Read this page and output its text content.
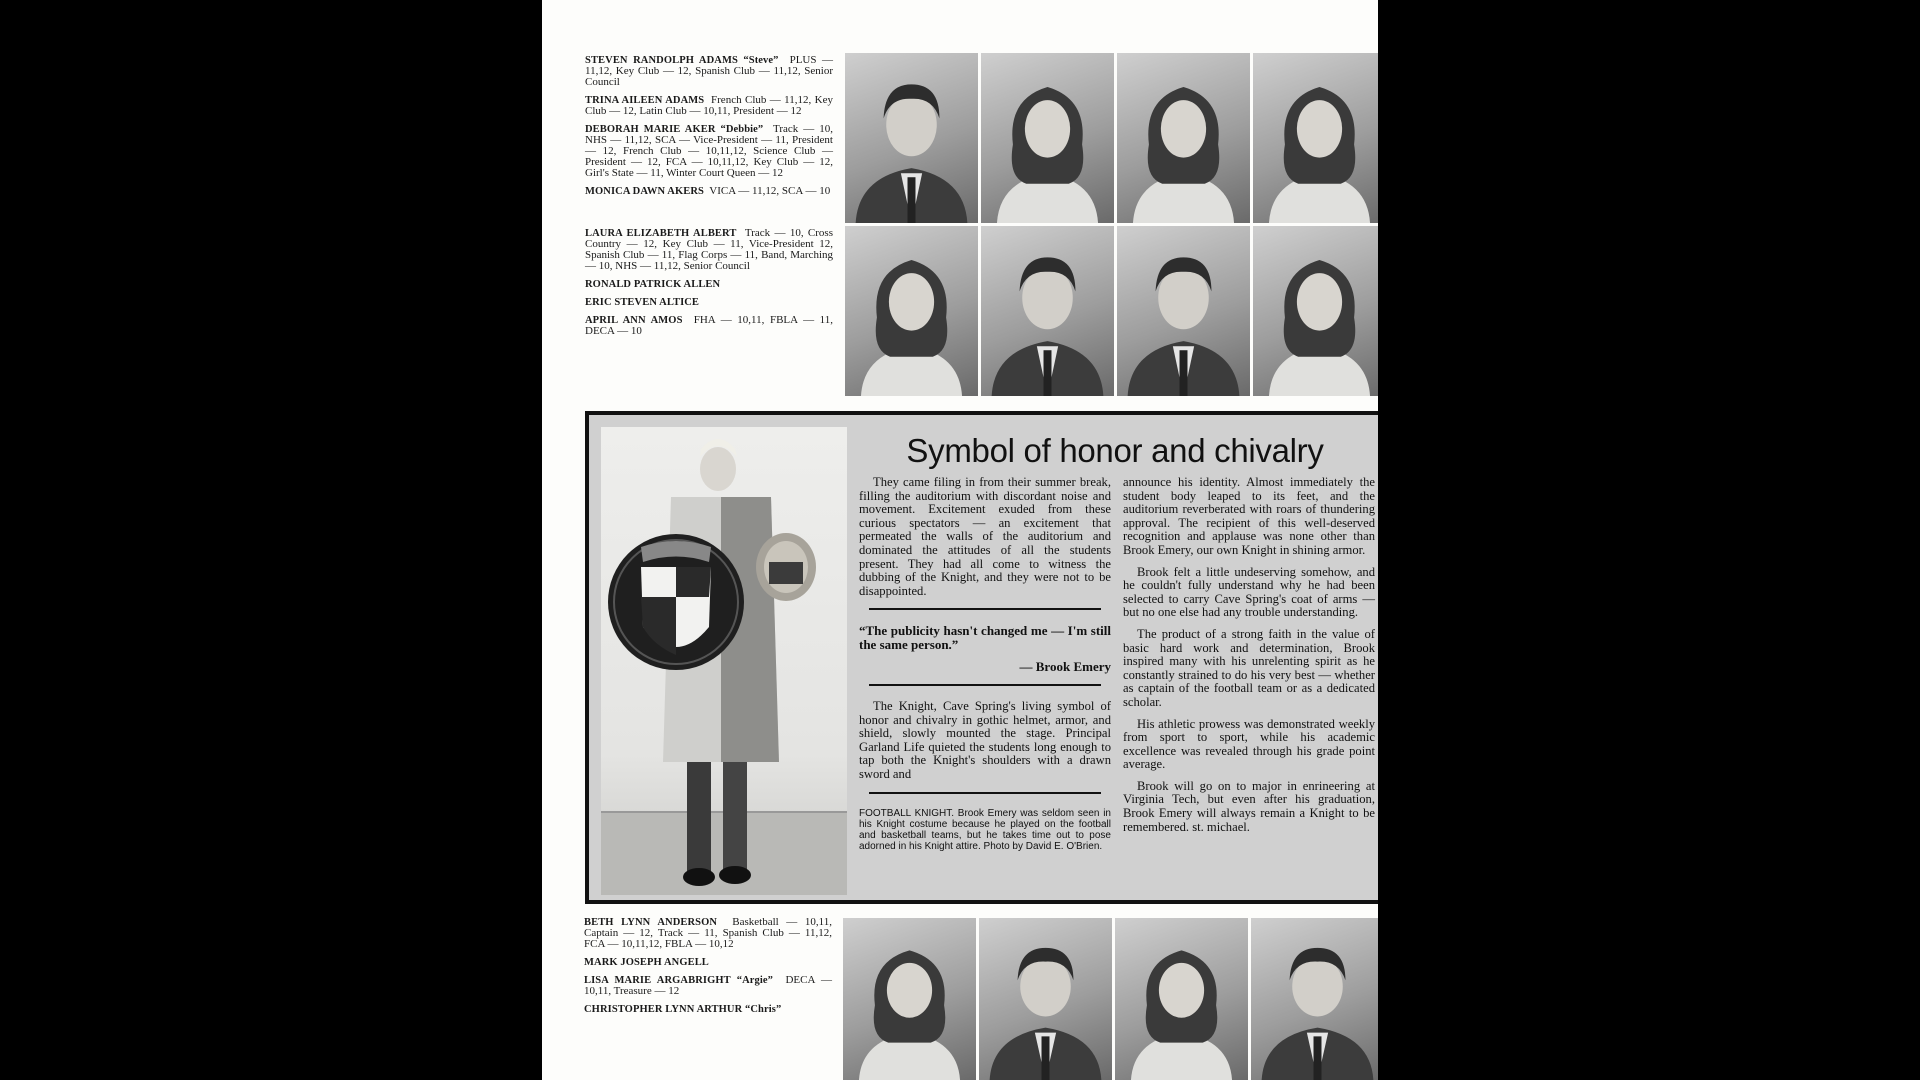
STEVEN RANDOLPH ADAMS “Steve” PLUS — 11,12, Key Club — 12, Spanish Club — 11,12, Senior Council
TRINA AILEEN ADAMS French Club — 11,12, Key Club — 12, Latin Club — 10,11, President — 12
DEBORAH MARIE AKER “Debbie” Track — 10, NHS — 11,12, SCA — Vice-President — 11, President — 12, French Club — 10,11,12, Science Club — President — 12, FCA — 10,11,12, Key Club — 12, Girl's State — 11, Winter Court Queen — 12
MONICA DAWN AKERS VICA — 11,12, SCA — 10
LAURA ELIZABETH ALBERT Track — 10, Cross Country — 12, Key Club — 11, Vice-President 12, Spanish Club — 11, Flag Corps — 11, Band, Marching — 10, NHS — 11,12, Senior Council
RONALD PATRICK ALLEN
ERIC STEVEN ALTICE
APRIL ANN AMOS FHA — 10,11, FBLA — 11, DECA — 10
Symbol of honor and chivalry

They came filing in from their summer break, filling the auditorium with discordant noise and movement. Excitement exuded from these curious spectators — an excitement that permeated the walls of the auditorium and dominated the attitudes of all the students present. They had all come to witness the dubbing of the Knight, and they were not to be disappointed.

“The publicity hasn't changed me — I'm still the same person.”

— Brook Emery

The Knight, Cave Spring's living symbol of honor and chivalry in gothic helmet, armor, and shield, slowly mounted the stage. Principal Garland Life quieted the students long enough to tap both the Knight's shoulders with a drawn sword and

FOOTBALL KNIGHT. Brook Emery was seldom seen in his Knight costume because he played on the football and basketball teams, but he takes time out to pose adorned in his Knight attire. Photo by David E. O'Brien.

announce his identity. Almost immediately the student body leaped to its feet, and the auditorium reverberated with roars of thundering approval. The recipient of this well-deserved recognition and applause was none other than Brook Emery, our own Knight in shining armor.

Brook felt a little undeserving somehow, and he couldn't fully understand why he had been selected to carry Cave Spring's coat of arms — but no one else had any trouble understanding.

The product of a strong faith in the value of basic hard work and determination, Brook inspired many with his unrelenting spirit as he constantly strained to do his very best — whether as captain of the football team or as a dedicated scholar.

His athletic prowess was demonstrated weekly from sport to sport, while his academic excellence was revealed through his grade point average.

Brook will go on to major in enrineering at Virginia Tech, but even after his graduation, Brook Emery will always remain a Knight to be remembered. st. michael.

BETH LYNN ANDERSON Basketball — 10,11, Captain — 12, Track — 11, Spanish Club — 11,12, FCA — 10,11,12, FBLA — 10,12
MARK JOSEPH ANGELL
LISA MARIE ARGABRIGHT “Argie” DECA — 10,11, Treasure — 12
CHRISTOPHER LYNN ARTHUR “Chris”
